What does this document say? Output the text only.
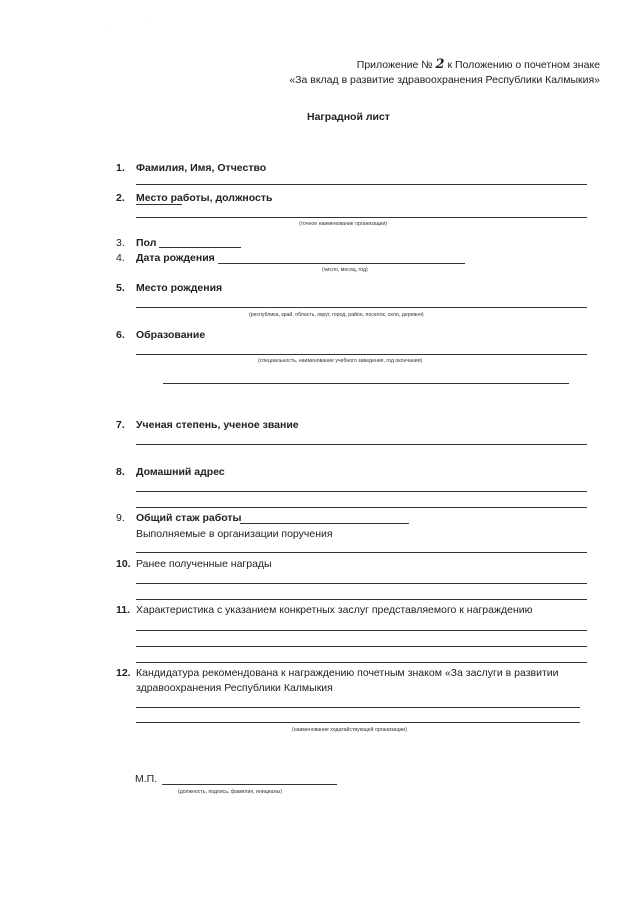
·
·
Приложение № 2 к Положению о почетном знаке
«За вклад в развитие здравоохранения Республики Калмыкия»
Наградной лист
1. Фамилия, Имя, Отчество
2. Место работы, должность
(точное наименование организации)
3. Пол
4. Дата рождения
(число, месяц, год)
5. Место рождения
(республика, край, область, округ, город, район, поселок, село, деревня)
6. Образование
(специальность, наименование учебного заведения, год окончания)
7. Ученая степень, ученое звание
8. Домашний адрес
9. Общий стаж работы
Выполняемые в организации поручения
10. Ранее полученные награды
11. Характеристика с указанием конкретных заслуг представляемого к награждению
12. Кандидатура рекомендована к награждению почетным знаком «За заслуги в развитии
здравоохранения Республики Калмыкия
(наименование ходатайствующей организации)
М.П.
(должность, подпись, фамилия, инициалы)
